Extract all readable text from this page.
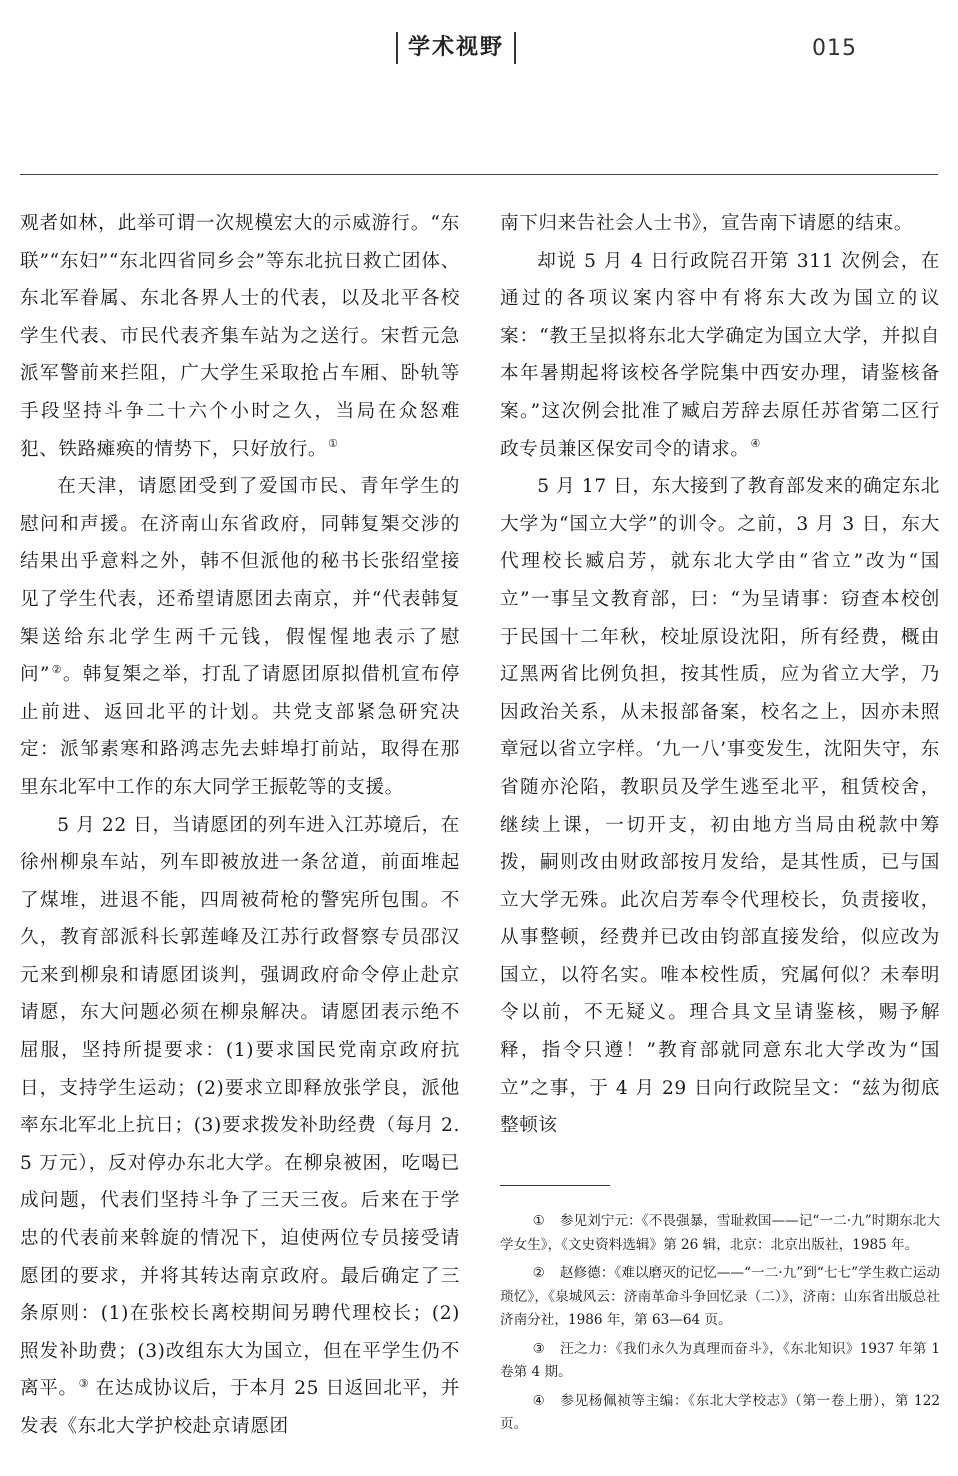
学术视野	015

观者如林，此举可谓一次规模宏大的示威游行。“东联”“东妇”“东北四省同乡会”等东北抗日救亡团体、东北军眷属、东北各界人士的代表，以及北平各校学生代表、市民代表齐集车站为之送行。宋哲元急派军警前来拦阻，广大学生采取抢占车厢、卧轨等手段坚持斗争二十六个小时之久，当局在众怒难犯、铁路瘫痪的情势下，只好放行。①

在天津，请愿团受到了爱国市民、青年学生的慰问和声援。在济南山东省政府，同韩复榘交涉的结果出乎意料之外，韩不但派他的秘书长张绍堂接见了学生代表，还希望请愿团去南京，并“代表韩复榘送给东北学生两千元钱，假惺惺地表示了慰问”②。韩复榘之举，打乱了请愿团原拟借机宣布停止前进、返回北平的计划。共党支部紧急研究决定：派邹素寒和路鸿志先去蚌埠打前站，取得在那里东北军中工作的东大同学王振乾等的支援。

5 月 22 日，当请愿团的列车进入江苏境后，在徐州柳泉车站，列车即被放进一条岔道，前面堆起了煤堆，进退不能，四周被荷枪的警宪所包围。不久，教育部派科长郭莲峰及江苏行政督察专员邵汉元来到柳泉和请愿团谈判，强调政府命令停止赴京请愿，东大问题必须在柳泉解决。请愿团表示绝不屈服，坚持所提要求：(1)要求国民党南京政府抗日，支持学生运动；(2)要求立即释放张学良，派他率东北军北上抗日；(3)要求拨发补助经费（每月 2.5 万元），反对停办东北大学。在柳泉被困，吃喝已成问题，代表们坚持斗争了三天三夜。后来在于学忠的代表前来斡旋的情况下，迫使两位专员接受请愿团的要求，并将其转达南京政府。最后确定了三条原则：(1)在张校长离校期间另聘代理校长；(2)照发补助费；(3)改组东大为国立，但在平学生仍不离平。③ 在达成协议后，于本月 25 日返回北平，并发表《东北大学护校赴京请愿团

南下归来告社会人士书》，宣告南下请愿的结束。

却说 5 月 4 日行政院召开第 311 次例会，在通过的各项议案内容中有将东大改为国立的议案：“教王呈拟将东北大学确定为国立大学，并拟自本年暑期起将该校各学院集中西安办理，请鉴核备案。”这次例会批准了臧启芳辞去原任苏省第二区行政专员兼区保安司令的请求。④

5 月 17 日，东大接到了教育部发来的确定东北大学为“国立大学”的训令。之前，3 月 3 日，东大代理校长臧启芳，就东北大学由“省立”改为“国立”一事呈文教育部，曰：“为呈请事：窃查本校创于民国十二年秋，校址原设沈阳，所有经费，概由辽黑两省比例负担，按其性质，应为省立大学，乃因政治关系，从未报部备案，校名之上，因亦未照章冠以省立字样。‘九一八’事变发生，沈阳失守，东省随亦沦陷，教职员及学生逃至北平，租赁校舍，继续上课，一切开支，初由地方当局由税款中筹拨，嗣则改由财政部按月发给，是其性质，已与国立大学无殊。此次启芳奉令代理校长，负责接收，从事整顿，经费并已改由钧部直接发给，似应改为国立，以符名实。唯本校性质，究属何似？未奉明令以前，不无疑义。理合具文呈请鉴核，赐予解释，指令只遵！”教育部就同意东北大学改为“国立”之事，于 4 月 29 日向行政院呈文：“兹为彻底整顿该

① 参见刘宁元：《不畏强暴，雪耻救国——记“一二·九”时期东北大学女生》，《文史资料选辑》第 26 辑，北京：北京出版社，1985 年。

② 赵修德：《难以磨灭的记忆——“一二·九”到“七七”学生救亡运动琐忆》，《泉城风云：济南革命斗争回忆录（二）》，济南：山东省出版总社济南分社，1986 年，第 63—64 页。

③ 汪之力：《我们永久为真理而奋斗》，《东北知识》1937 年第 1 卷第 4 期。

④ 参见杨佩祯等主编：《东北大学校志》（第一卷上册），第 122 页。
